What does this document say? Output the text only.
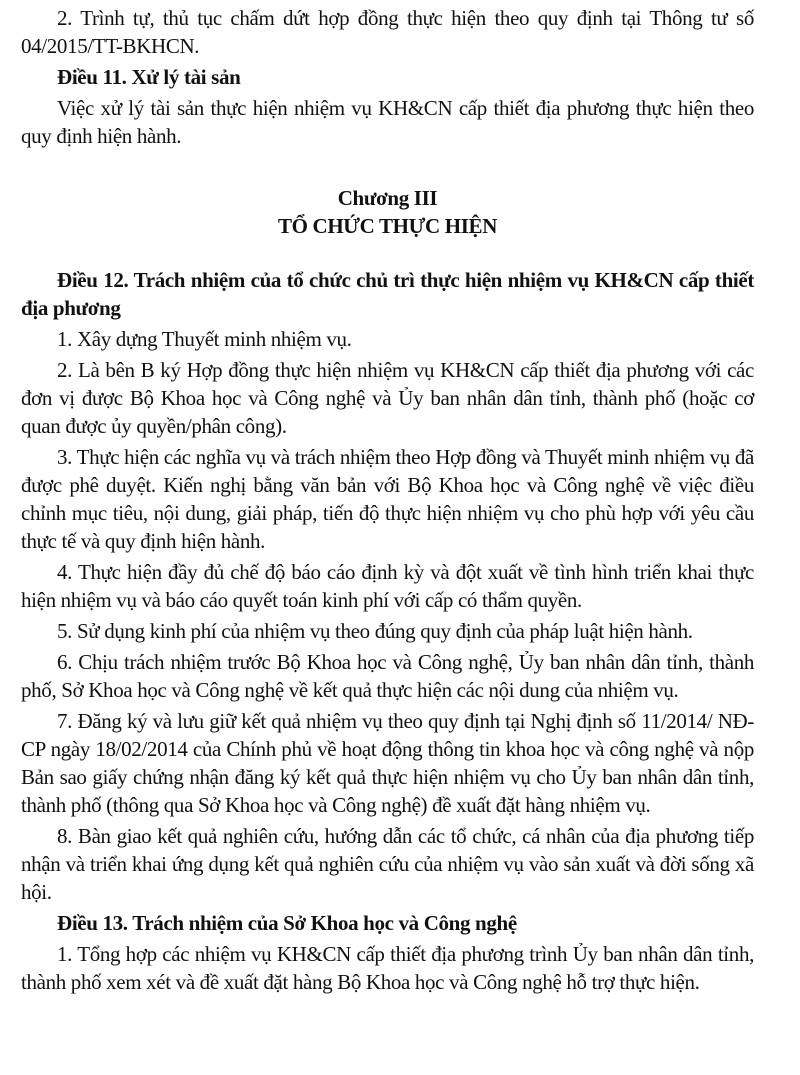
2. Trình tự, thủ tục chấm dứt hợp đồng thực hiện theo quy định tại Thông tư số 04/2015/TT-BKHCN.

Điều 11. Xử lý tài sản

Việc xử lý tài sản thực hiện nhiệm vụ KH&CN cấp thiết địa phương thực hiện theo quy định hiện hành.

Chương III

TỔ CHỨC THỰC HIỆN

Điều 12. Trách nhiệm của tổ chức chủ trì thực hiện nhiệm vụ KH&CN cấp thiết địa phương

1. Xây dựng Thuyết minh nhiệm vụ.

2. Là bên B ký Hợp đồng thực hiện nhiệm vụ KH&CN cấp thiết địa phương với các đơn vị được Bộ Khoa học và Công nghệ và Ủy ban nhân dân tỉnh, thành phố (hoặc cơ quan được ủy quyền/phân công).

3. Thực hiện các nghĩa vụ và trách nhiệm theo Hợp đồng và Thuyết minh nhiệm vụ đã được phê duyệt. Kiến nghị bằng văn bản với Bộ Khoa học và Công nghệ về việc điều chỉnh mục tiêu, nội dung, giải pháp, tiến độ thực hiện nhiệm vụ cho phù hợp với yêu cầu thực tế và quy định hiện hành.

4. Thực hiện đầy đủ chế độ báo cáo định kỳ và đột xuất về tình hình triển khai thực hiện nhiệm vụ và báo cáo quyết toán kinh phí với cấp có thẩm quyền.

5. Sử dụng kinh phí của nhiệm vụ theo đúng quy định của pháp luật hiện hành.

6. Chịu trách nhiệm trước Bộ Khoa học và Công nghệ, Ủy ban nhân dân tỉnh, thành phố, Sở Khoa học và Công nghệ về kết quả thực hiện các nội dung của nhiệm vụ.

7. Đăng ký và lưu giữ kết quả nhiệm vụ theo quy định tại Nghị định số 11/2014/ NĐ-CP ngày 18/02/2014 của Chính phủ về hoạt động thông tin khoa học và công nghệ và nộp Bản sao giấy chứng nhận đăng ký kết quả thực hiện nhiệm vụ cho Ủy ban nhân dân tỉnh, thành phố (thông qua Sở Khoa học và Công nghệ) đề xuất đặt hàng nhiệm vụ.

8. Bàn giao kết quả nghiên cứu, hướng dẫn các tổ chức, cá nhân của địa phương tiếp nhận và triển khai ứng dụng kết quả nghiên cứu của nhiệm vụ vào sản xuất và đời sống xã hội.

Điều 13. Trách nhiệm của Sở Khoa học và Công nghệ

1. Tổng hợp các nhiệm vụ KH&CN cấp thiết địa phương trình Ủy ban nhân dân tỉnh, thành phố xem xét và đề xuất đặt hàng Bộ Khoa học và Công nghệ hỗ trợ thực hiện.
